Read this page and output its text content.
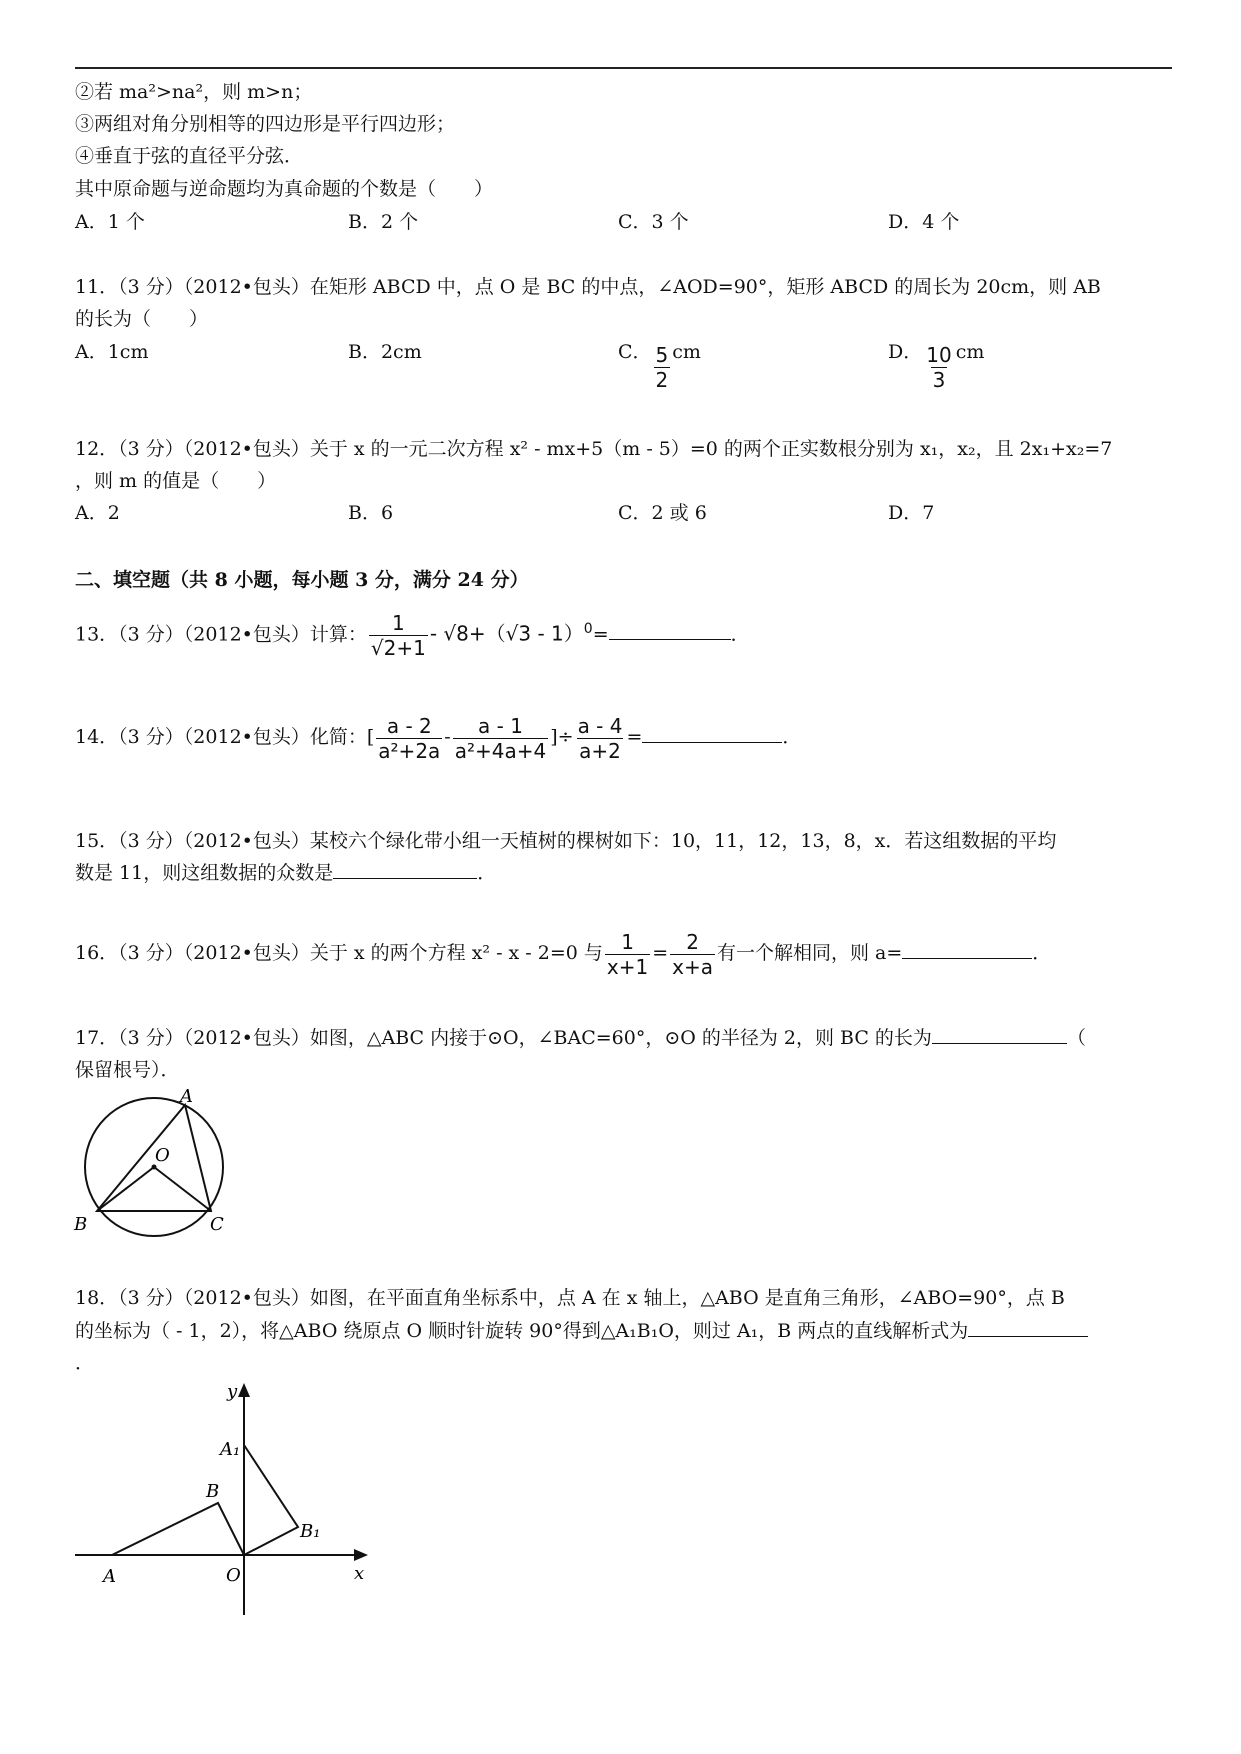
②若 ma²>na²，则 m>n；
③两组对角分别相等的四边形是平行四边形；
④垂直于弦的直径平分弦．
其中原命题与逆命题均为真命题的个数是（　　）
A．1 个	B．2 个	C．3 个	D．4 个
11．（3 分）（2012•包头）在矩形 ABCD 中，点 O 是 BC 的中点，∠AOD=90°，矩形 ABCD 的周长为 20cm，则 AB
的长为（　　）
A．1cm	B．2cm	C． $\frac{5}{2}$ cm	D． $\frac{10}{3}$ cm
12．（3 分）（2012•包头）关于 x 的一元二次方程 x² - mx+5（m - 5）=0 的两个正实数根分别为 x₁，x₂，且 2x₁+x₂=7
，则 m 的值是（　　）
A．2	B．6	C．2 或 6	D．7
二、填空题（共 8 小题，每小题 3 分，满分 24 分）
13．（3 分）（2012•包头）计算： $\frac{1}{√2+1} - √8+(√3 - 1)^0=$	．
14．（3 分）（2012•包头）化简：[ $\frac{a - 2}{\text{a²+2a}} - \frac{a - 1}{\text{a²+4a+4}}$ ]÷ $\frac{a - 4}{a+2}$ =	．
15．（3 分）（2012•包头）某校六个绿化带小组一天植树的棵树如下：10，11，12，13，8，x．若这组数据的平均
数是 11，则这组数据的众数是	．
16．（3 分）（2012•包头）关于 x 的两个方程 x² - x - 2=0 与 $\frac{1}{x+1} = \frac{2}{x+a}$ 有一个解相同，则 a=	．
17．（3 分）（2012•包头）如图，△ABC 内接于⊙O，∠BAC=60°，⊙O 的半径为 2，则 BC 的长为	（
保留根号）．
A
O
B	C
18．（3 分）（2012•包头）如图，在平面直角坐标系中，点 A 在 x 轴上，△ABO 是直角三角形，∠ABO=90°，点 B
的坐标为（ - 1，2），将△ABO 绕原点 O 顺时针旋转 90°得到△A₁B₁O，则过 A₁，B 两点的直线解析式为
．
y
A₁
B
B₁
A	O	x
